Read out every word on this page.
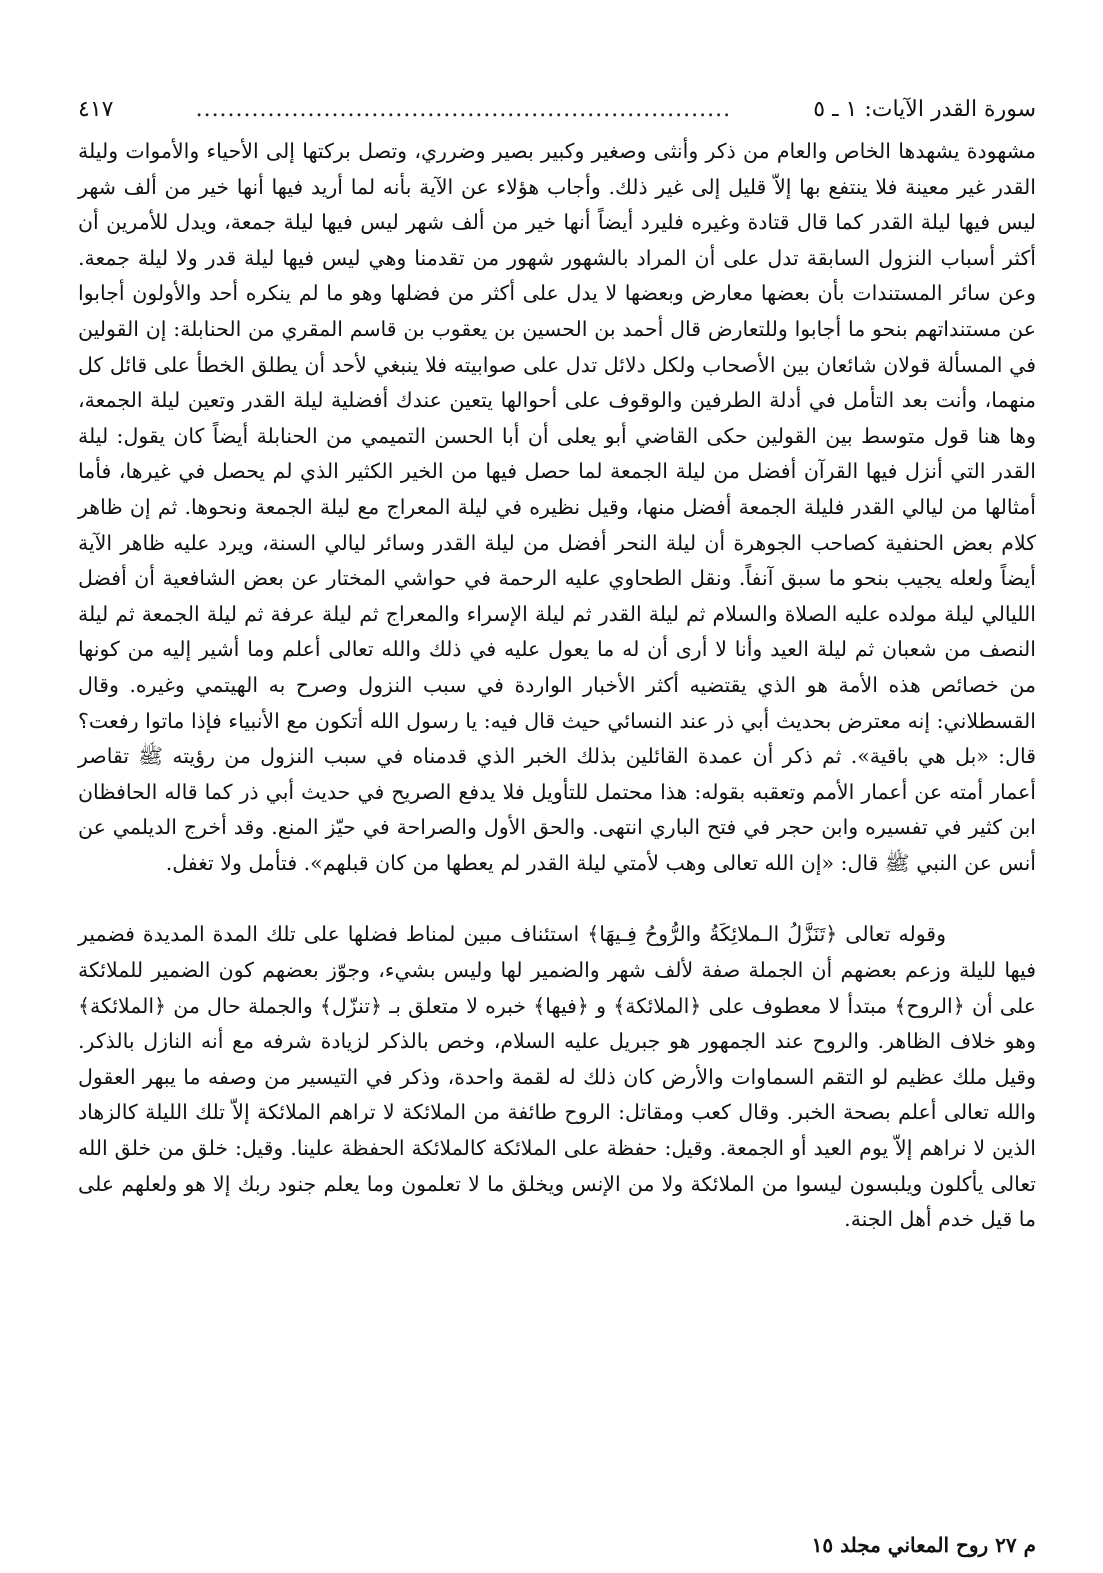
سورة القدر الآيات: ١ ـ ٥
...................................................................
٤١٧

مشهودة يشهدها الخاص والعام من ذكر وأنثى وصغير وكبير بصير وضرري، وتصل بركتها إلى الأحياء والأموات وليلة القدر غير معينة فلا ينتفع بها إلاّ قليل إلى غير ذلك. وأجاب هؤلاء عن الآية بأنه لما أريد فيها أنها خير من ألف شهر ليس فيها ليلة القدر كما قال قتادة وغيره فليرد أيضاً أنها خير من ألف شهر ليس فيها ليلة جمعة، ويدل للأمرين أن أكثر أسباب النزول السابقة تدل على أن المراد بالشهور شهور من تقدمنا وهي ليس فيها ليلة قدر ولا ليلة جمعة. وعن سائر المستندات بأن بعضها معارض وبعضها لا يدل على أكثر من فضلها وهو ما لم ينكره أحد والأولون أجابوا عن مستنداتهم بنحو ما أجابوا وللتعارض قال أحمد بن الحسين بن يعقوب بن قاسم المقري من الحنابلة: إن القولين في المسألة قولان شائعان بين الأصحاب ولكل دلائل تدل على صوابيته فلا ينبغي لأحد أن يطلق الخطأ على قائل كل منهما، وأنت بعد التأمل في أدلة الطرفين والوقوف على أحوالها يتعين عندك أفضلية ليلة القدر وتعين ليلة الجمعة، وها هنا قول متوسط بين القولين حكى القاضي أبو يعلى أن أبا الحسن التميمي من الحنابلة أيضاً كان يقول: ليلة القدر التي أنزل فيها القرآن أفضل من ليلة الجمعة لما حصل فيها من الخير الكثير الذي لم يحصل في غيرها، فأما أمثالها من ليالي القدر فليلة الجمعة أفضل منها، وقيل نظيره في ليلة المعراج مع ليلة الجمعة ونحوها. ثم إن ظاهر كلام بعض الحنفية كصاحب الجوهرة أن ليلة النحر أفضل من ليلة القدر وسائر ليالي السنة، ويرد عليه ظاهر الآية أيضاً ولعله يجيب بنحو ما سبق آنفاً. ونقل الطحاوي عليه الرحمة في حواشي المختار عن بعض الشافعية أن أفضل الليالي ليلة مولده عليه الصلاة والسلام ثم ليلة القدر ثم ليلة الإسراء والمعراج ثم ليلة عرفة ثم ليلة الجمعة ثم ليلة النصف من شعبان ثم ليلة العيد وأنا لا أرى أن له ما يعول عليه في ذلك والله تعالى أعلم وما أشير إليه من كونها من خصائص هذه الأمة هو الذي يقتضيه أكثر الأخبار الواردة في سبب النزول وصرح به الهيتمي وغيره. وقال القسطلاني: إنه معترض بحديث أبي ذر عند النسائي حيث قال فيه: يا رسول الله أتكون مع الأنبياء فإذا ماتوا رفعت؟ قال: «بل هي باقية». ثم ذكر أن عمدة القائلين بذلك الخبر الذي قدمناه في سبب النزول من رؤيته ﷺ تقاصر أعمار أمته عن أعمار الأمم وتعقبه بقوله: هذا محتمل للتأويل فلا يدفع الصريح في حديث أبي ذر كما قاله الحافظان ابن كثير في تفسيره وابن حجر في فتح الباري انتهى. والحق الأول والصراحة في حيّز المنع. وقد أخرج الديلمي عن أنس عن النبي ﷺ قال: «إن الله تعالى وهب لأمتي ليلة القدر لم يعطها من كان قبلهم». فتأمل ولا تغفل.

وقوله تعالى ﴿تَنَزَّلُ الـملائِكَةُ والرُّوحُ فِـيهَا﴾ استئناف مبين لمناط فضلها على تلك المدة المديدة فضمير فيها لليلة وزعم بعضهم أن الجملة صفة لألف شهر والضمير لها وليس بشيء، وجوّز بعضهم كون الضمير للملائكة على أن ﴿الروح﴾ مبتدأ لا معطوف على ﴿الملائكة﴾ و ﴿فيها﴾ خبره لا متعلق بـ ﴿تنزّل﴾ والجملة حال من ﴿الملائكة﴾ وهو خلاف الظاهر. والروح عند الجمهور هو جبريل عليه السلام، وخص بالذكر لزيادة شرفه مع أنه النازل بالذكر. وقيل ملك عظيم لو التقم السماوات والأرض كان ذلك له لقمة واحدة، وذكر في التيسير من وصفه ما يبهر العقول والله تعالى أعلم بصحة الخبر. وقال كعب ومقاتل: الروح طائفة من الملائكة لا تراهم الملائكة إلاّ تلك الليلة كالزهاد الذين لا نراهم إلاّ يوم العيد أو الجمعة. وقيل: حفظة على الملائكة كالملائكة الحفظة علينا. وقيل: خلق من خلق الله تعالى يأكلون ويلبسون ليسوا من الملائكة ولا من الإنس ويخلق ما لا تعلمون وما يعلم جنود ربك إلا هو ولعلهم على ما قيل خدم أهل الجنة.

م ٢٧ روح المعاني مجلد ١٥
